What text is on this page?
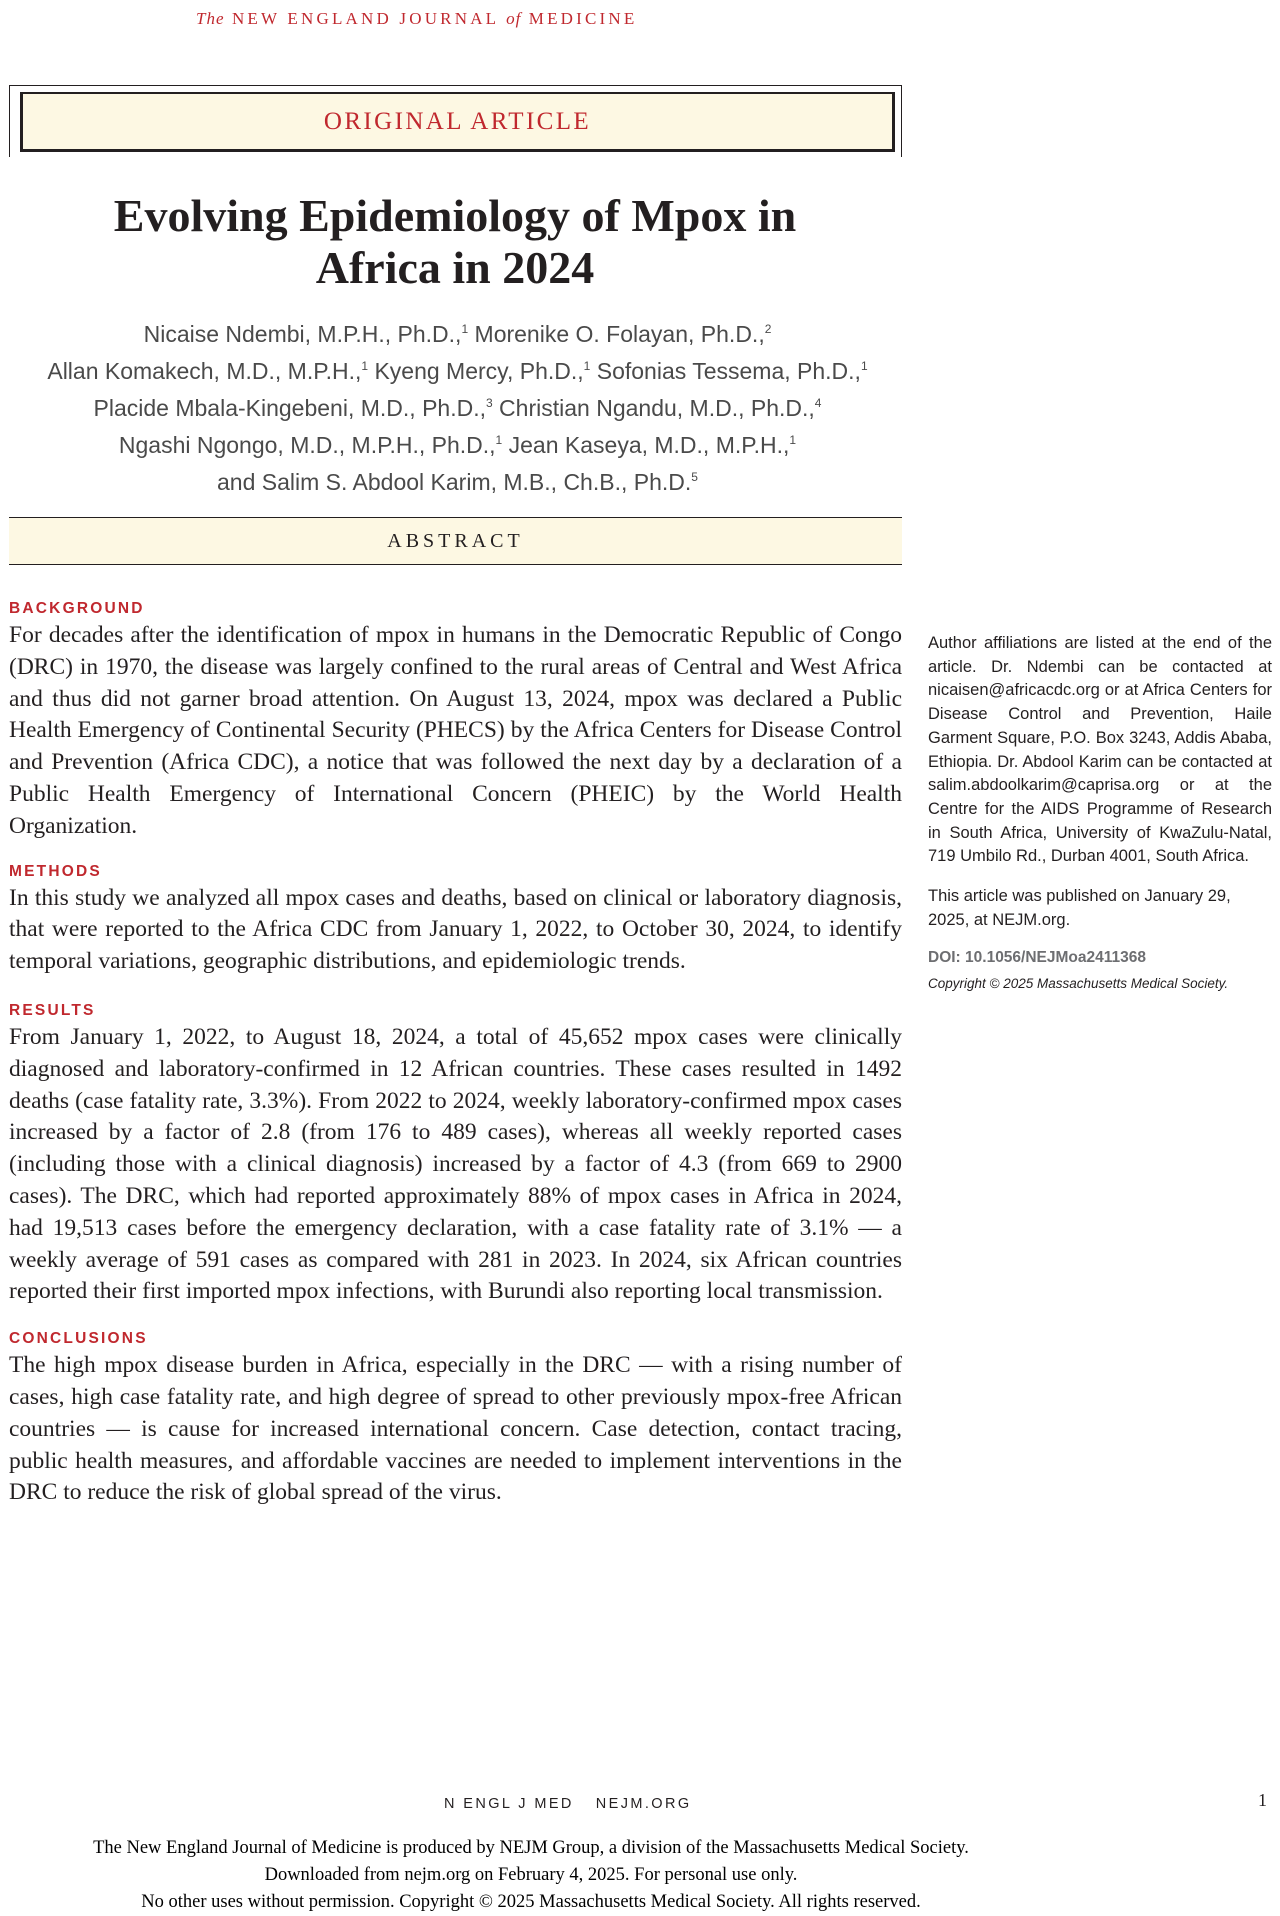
The NEW ENGLAND JOURNAL of MEDICINE
ORIGINAL ARTICLE
Evolving Epidemiology of Mpox in Africa in 2024
Nicaise Ndembi, M.P.H., Ph.D.,$^1$ Morenike O. Folayan, Ph.D.,$^2$
Allan Komakech, M.D., M.P.H.,$^1$ Kyeng Mercy, Ph.D.,$^1$ Sofonias Tessema, Ph.D.,$^1$
Placide Mbala-Kingebeni, M.D., Ph.D.,$^3$ Christian Ngandu, M.D., Ph.D.,$^4$
Ngashi Ngongo, M.D., M.P.H., Ph.D.,$^1$ Jean Kaseya, M.D., M.P.H.,$^1$
and Salim S. Abdool Karim, M.B., Ch.B., Ph.D.$^5$
ABSTRACT
BACKGROUND

For decades after the identification of mpox in humans in the Democratic Republic of Congo (DRC) in 1970, the disease was largely confined to the rural areas of Central and West Africa and thus did not garner broad attention. On August 13, 2024, mpox was declared a Public Health Emergency of Continental Security (PHECS) by the Africa Centers for Disease Control and Prevention (Africa CDC), a notice that was followed the next day by a declaration of a Public Health Emergency of International Concern (PHEIC) by the World Health Organization.

METHODS

In this study we analyzed all mpox cases and deaths, based on clinical or laboratory diagnosis, that were reported to the Africa CDC from January 1, 2022, to October 30, 2024, to identify temporal variations, geographic distributions, and epidemiologic trends.

RESULTS

From January 1, 2022, to August 18, 2024, a total of 45,652 mpox cases were clinically diagnosed and laboratory-confirmed in 12 African countries. These cases resulted in 1492 deaths (case fatality rate, 3.3%). From 2022 to 2024, weekly laboratory-confirmed mpox cases increased by a factor of 2.8 (from 176 to 489 cases), whereas all weekly reported cases (including those with a clinical diagnosis) increased by a factor of 4.3 (from 669 to 2900 cases). The DRC, which had reported approximately 88% of mpox cases in Africa in 2024, had 19,513 cases before the emergency declaration, with a case fatality rate of 3.1% — a weekly average of 591 cases as compared with 281 in 2023. In 2024, six African countries reported their first imported mpox infections, with Burundi also reporting local transmission.

CONCLUSIONS

The high mpox disease burden in Africa, especially in the DRC — with a rising number of cases, high case fatality rate, and high degree of spread to other previously mpox-free African countries — is cause for increased international concern. Case detection, contact tracing, public health measures, and affordable vaccines are needed to implement interventions in the DRC to reduce the risk of global spread of the virus.

Author affiliations are listed at the end of the article. Dr. Ndembi can be contacted at nicaisen@africacdc.org or at Africa Centers for Disease Control and Prevention, Haile Garment Square, P.O. Box 3243, Addis Ababa, Ethiopia. Dr. Abdool Karim can be contacted at salim.abdoolkarim@caprisa.org or at the Centre for the AIDS Programme of Research in South Africa, University of KwaZulu-Natal, 719 Umbilo Rd., Durban 4001, South Africa.

This article was published on January 29, 2025, at NEJM.org.

DOI: 10.1056/NEJMoa2411368

Copyright © 2025 Massachusetts Medical Society.

N ENGL J MED NEJM.ORG	1
The New England Journal of Medicine is produced by NEJM Group, a division of the Massachusetts Medical Society.
Downloaded from nejm.org on February 4, 2025. For personal use only.
No other uses without permission. Copyright © 2025 Massachusetts Medical Society. All rights reserved.
